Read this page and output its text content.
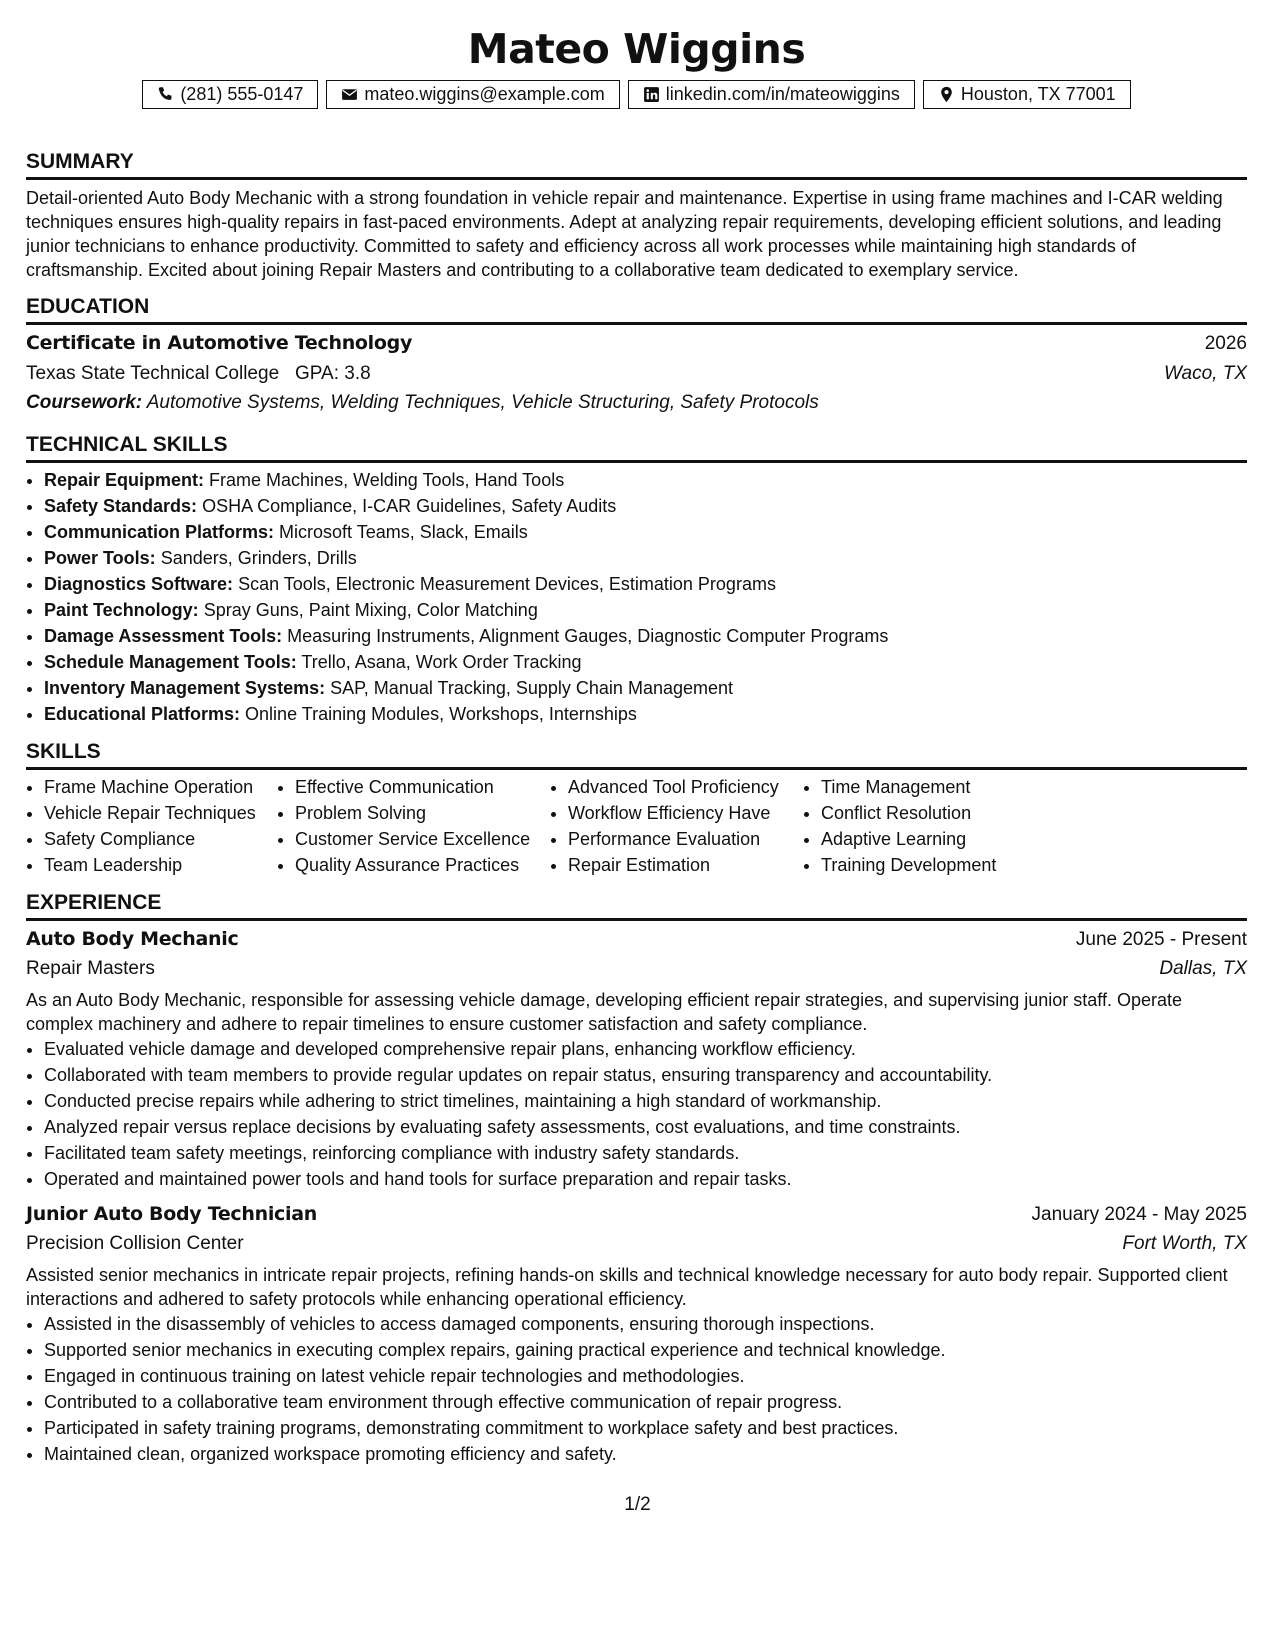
Mateo Wiggins
(281) 555-0147	mateo.wiggins@example.com	linkedin.com/in/mateowiggins	Houston, TX 77001
SUMMARY

Detail-oriented Auto Body Mechanic with a strong foundation in vehicle repair and maintenance. Expertise in using frame machines and I-CAR welding techniques ensures high-quality repairs in fast-paced environments. Adept at analyzing repair requirements, developing efficient solutions, and leading junior technicians to enhance productivity. Committed to safety and efficiency across all work processes while maintaining high standards of craftsmanship. Excited about joining Repair Masters and contributing to a collaborative team dedicated to exemplary service.

EDUCATION
Certificate in Automotive Technology	2026
Texas State Technical College GPA: 3.8	Waco, TX
Coursework: Automotive Systems, Welding Techniques, Vehicle Structuring, Safety Protocols
TECHNICAL SKILLS
• Repair Equipment: Frame Machines, Welding Tools, Hand Tools
• Safety Standards: OSHA Compliance, I-CAR Guidelines, Safety Audits
• Communication Platforms: Microsoft Teams, Slack, Emails
• Power Tools: Sanders, Grinders, Drills
• Diagnostics Software: Scan Tools, Electronic Measurement Devices, Estimation Programs
• Paint Technology: Spray Guns, Paint Mixing, Color Matching
• Damage Assessment Tools: Measuring Instruments, Alignment Gauges, Diagnostic Computer Programs
• Schedule Management Tools: Trello, Asana, Work Order Tracking
• Inventory Management Systems: SAP, Manual Tracking, Supply Chain Management
• Educational Platforms: Online Training Modules, Workshops, Internships
SKILLS
• Frame Machine Operation
• Vehicle Repair Techniques
• Safety Compliance
• Team Leadership
• Effective Communication
• Problem Solving
• Customer Service Excellence
• Quality Assurance Practices
• Advanced Tool Proficiency
• Workflow Efficiency Have
• Performance Evaluation
• Repair Estimation
• Time Management
• Conflict Resolution
• Adaptive Learning
• Training Development
EXPERIENCE
Auto Body Mechanic	June 2025 - Present
Repair Masters	Dallas, TX

As an Auto Body Mechanic, responsible for assessing vehicle damage, developing efficient repair strategies, and supervising junior staff. Operate complex machinery and adhere to repair timelines to ensure customer satisfaction and safety compliance.

• Evaluated vehicle damage and developed comprehensive repair plans, enhancing workflow efficiency.
• Collaborated with team members to provide regular updates on repair status, ensuring transparency and accountability.
• Conducted precise repairs while adhering to strict timelines, maintaining a high standard of workmanship.
• Analyzed repair versus replace decisions by evaluating safety assessments, cost evaluations, and time constraints.
• Facilitated team safety meetings, reinforcing compliance with industry safety standards.
• Operated and maintained power tools and hand tools for surface preparation and repair tasks.
Junior Auto Body Technician	January 2024 - May 2025
Precision Collision Center	Fort Worth, TX

Assisted senior mechanics in intricate repair projects, refining hands-on skills and technical knowledge necessary for auto body repair. Supported client interactions and adhered to safety protocols while enhancing operational efficiency.

• Assisted in the disassembly of vehicles to access damaged components, ensuring thorough inspections.
• Supported senior mechanics in executing complex repairs, gaining practical experience and technical knowledge.
• Engaged in continuous training on latest vehicle repair technologies and methodologies.
• Contributed to a collaborative team environment through effective communication of repair progress.
• Participated in safety training programs, demonstrating commitment to workplace safety and best practices.
• Maintained clean, organized workspace promoting efficiency and safety.
1/2
